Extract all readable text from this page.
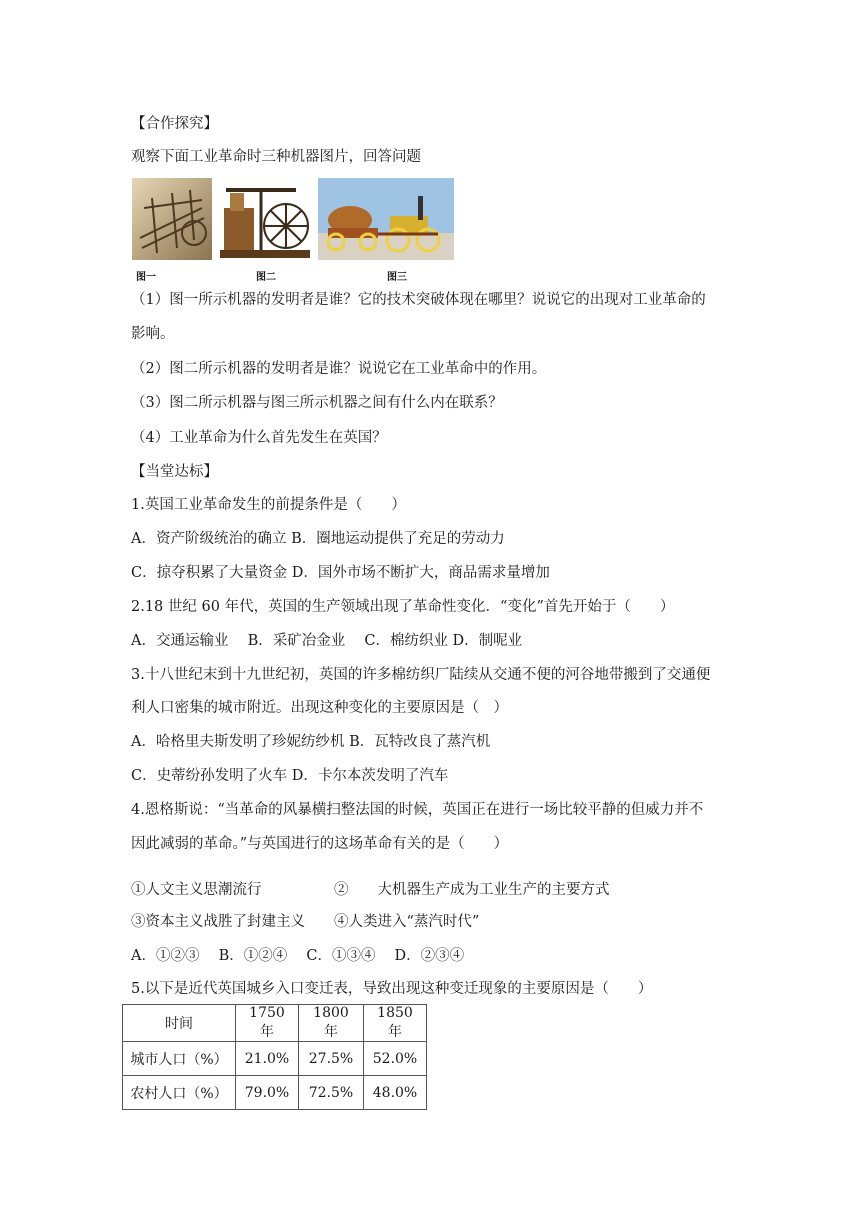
【合作探究】
观察下面工业革命时三种机器图片，回答问题
图一	图二	图三
（1）图一所示机器的发明者是谁？它的技术突破体现在哪里？说说它的出现对工业革命的
影响。
（2）图二所示机器的发明者是谁？说说它在工业革命中的作用。
（3）图二所示机器与图三所示机器之间有什么内在联系？
（4）工业革命为什么首先发生在英国？
【当堂达标】
1.英国工业革命发生的前提条件是（　　）
A．资产阶级统治的确立 B．圈地运动提供了充足的劳动力
C．掠夺积累了大量资金 D．国外市场不断扩大，商品需求量增加
2.18 世纪 60 年代，英国的生产领域出现了革命性变化．“变化”首先开始于（　　）
A．交通运输业　 B．采矿冶金业　 C．棉纺织业 D．制呢业
3.十八世纪末到十九世纪初，英国的许多棉纺织厂陆续从交通不便的河谷地带搬到了交通便
利人口密集的城市附近。出现这种变化的主要原因是（　）
A．哈格里夫斯发明了珍妮纺纱机 B．瓦特改良了蒸汽机
C．史蒂纷孙发明了火车 D．卡尔本茨发明了汽车
4.恩格斯说：“当革命的风暴横扫整法国的时候，英国正在进行一场比较平静的但威力并不
因此减弱的革命。”与英国进行的这场革命有关的是（　　）
①人文主义思潮流行　　　　　②　　大机器生产成为工业生产的主要方式
③资本主义战胜了封建主义　　④人类进入“蒸汽时代”
A．①②③　 B．①②④　 C．①③④　 D．②③④
5.以下是近代英国城乡入口变迁表，导致出现这种变迁现象的主要原因是（　　）
时间	1750 年	1800 年	1850 年
城市人口（%）	21.0%	27.5%	52.0%
农村人口（%）	79.0%	72.5%	48.0%
